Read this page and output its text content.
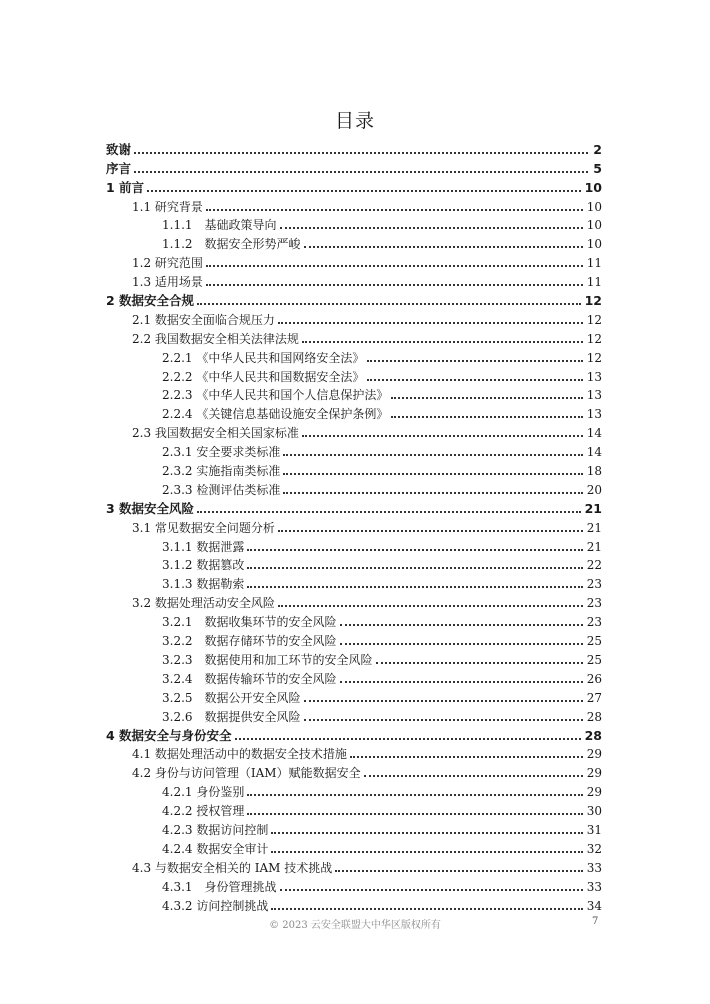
目录
致谢	2
序言	5
1 前言	10
1.1 研究背景	10
1.1.1　基础政策导向	10
1.1.2　数据安全形势严峻	10
1.2 研究范围	11
1.3 适用场景	11
2 数据安全合规	12
2.1 数据安全面临合规压力	12
2.2 我国数据安全相关法律法规	12
2.2.1 《中华人民共和国网络安全法》	12
2.2.2 《中华人民共和国数据安全法》	13
2.2.3 《中华人民共和国个人信息保护法》	13
2.2.4 《关键信息基础设施安全保护条例》	13
2.3 我国数据安全相关国家标准	14
2.3.1 安全要求类标准	14
2.3.2 实施指南类标准	18
2.3.3 检测评估类标准	20
3 数据安全风险	21
3.1 常见数据安全问题分析	21
3.1.1 数据泄露	21
3.1.2 数据篡改	22
3.1.3 数据勒索	23
3.2 数据处理活动安全风险	23
3.2.1　数据收集环节的安全风险	23
3.2.2　数据存储环节的安全风险	25
3.2.3　数据使用和加工环节的安全风险	25
3.2.4　数据传输环节的安全风险	26
3.2.5　数据公开安全风险	27
3.2.6　数据提供安全风险	28
4 数据安全与身份安全	28
4.1 数据处理活动中的数据安全技术措施	29
4.2 身份与访问管理（IAM）赋能数据安全	29
4.2.1 身份鉴别	29
4.2.2 授权管理	30
4.2.3 数据访问控制	31
4.2.4 数据安全审计	32
4.3 与数据安全相关的 IAM 技术挑战	33
4.3.1　身份管理挑战	33
4.3.2 访问控制挑战	34
© 2023 云安全联盟大中华区版权所有	7
